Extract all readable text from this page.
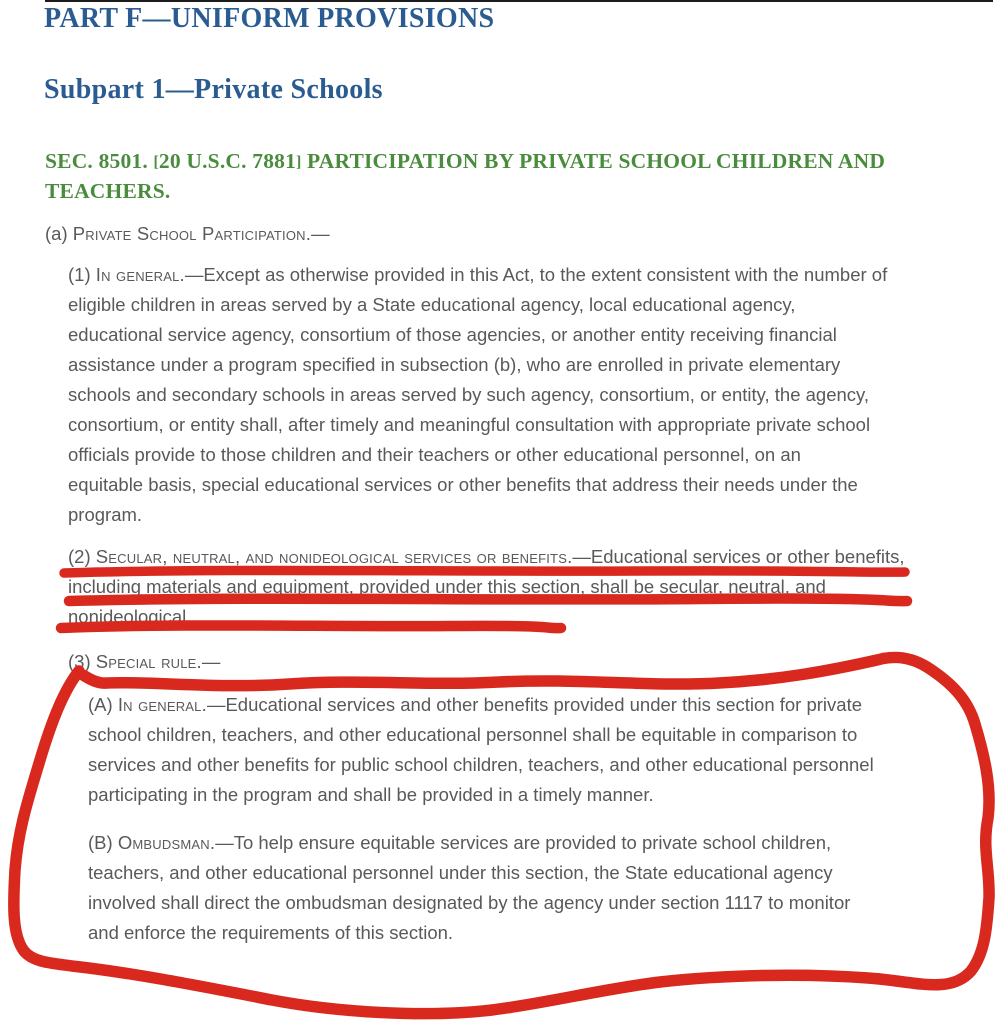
PART F—UNIFORM PROVISIONS
Subpart 1—Private Schools
SEC. 8501. [20 U.S.C. 7881] PARTICIPATION BY PRIVATE SCHOOL CHILDREN AND
TEACHERS.
(a) Private School Participation.—
(1) In general.—Except as otherwise provided in this Act, to the extent consistent with the number of
eligible children in areas served by a State educational agency, local educational agency,
educational service agency, consortium of those agencies, or another entity receiving financial
assistance under a program specified in subsection (b), who are enrolled in private elementary
schools and secondary schools in areas served by such agency, consortium, or entity, the agency,
consortium, or entity shall, after timely and meaningful consultation with appropriate private school
officials provide to those children and their teachers or other educational personnel, on an
equitable basis, special educational services or other benefits that address their needs under the
program.
(2) Secular, neutral, and nonideological services or benefits.—Educational services or other benefits,
including materials and equipment, provided under this section, shall be secular, neutral, and
nonideological.
(3) Special rule.—
(A) In general.—Educational services and other benefits provided under this section for private
school children, teachers, and other educational personnel shall be equitable in comparison to
services and other benefits for public school children, teachers, and other educational personnel
participating in the program and shall be provided in a timely manner.
(B) Ombudsman.—To help ensure equitable services are provided to private school children,
teachers, and other educational personnel under this section, the State educational agency
involved shall direct the ombudsman designated by the agency under section 1117 to monitor
and enforce the requirements of this section.
